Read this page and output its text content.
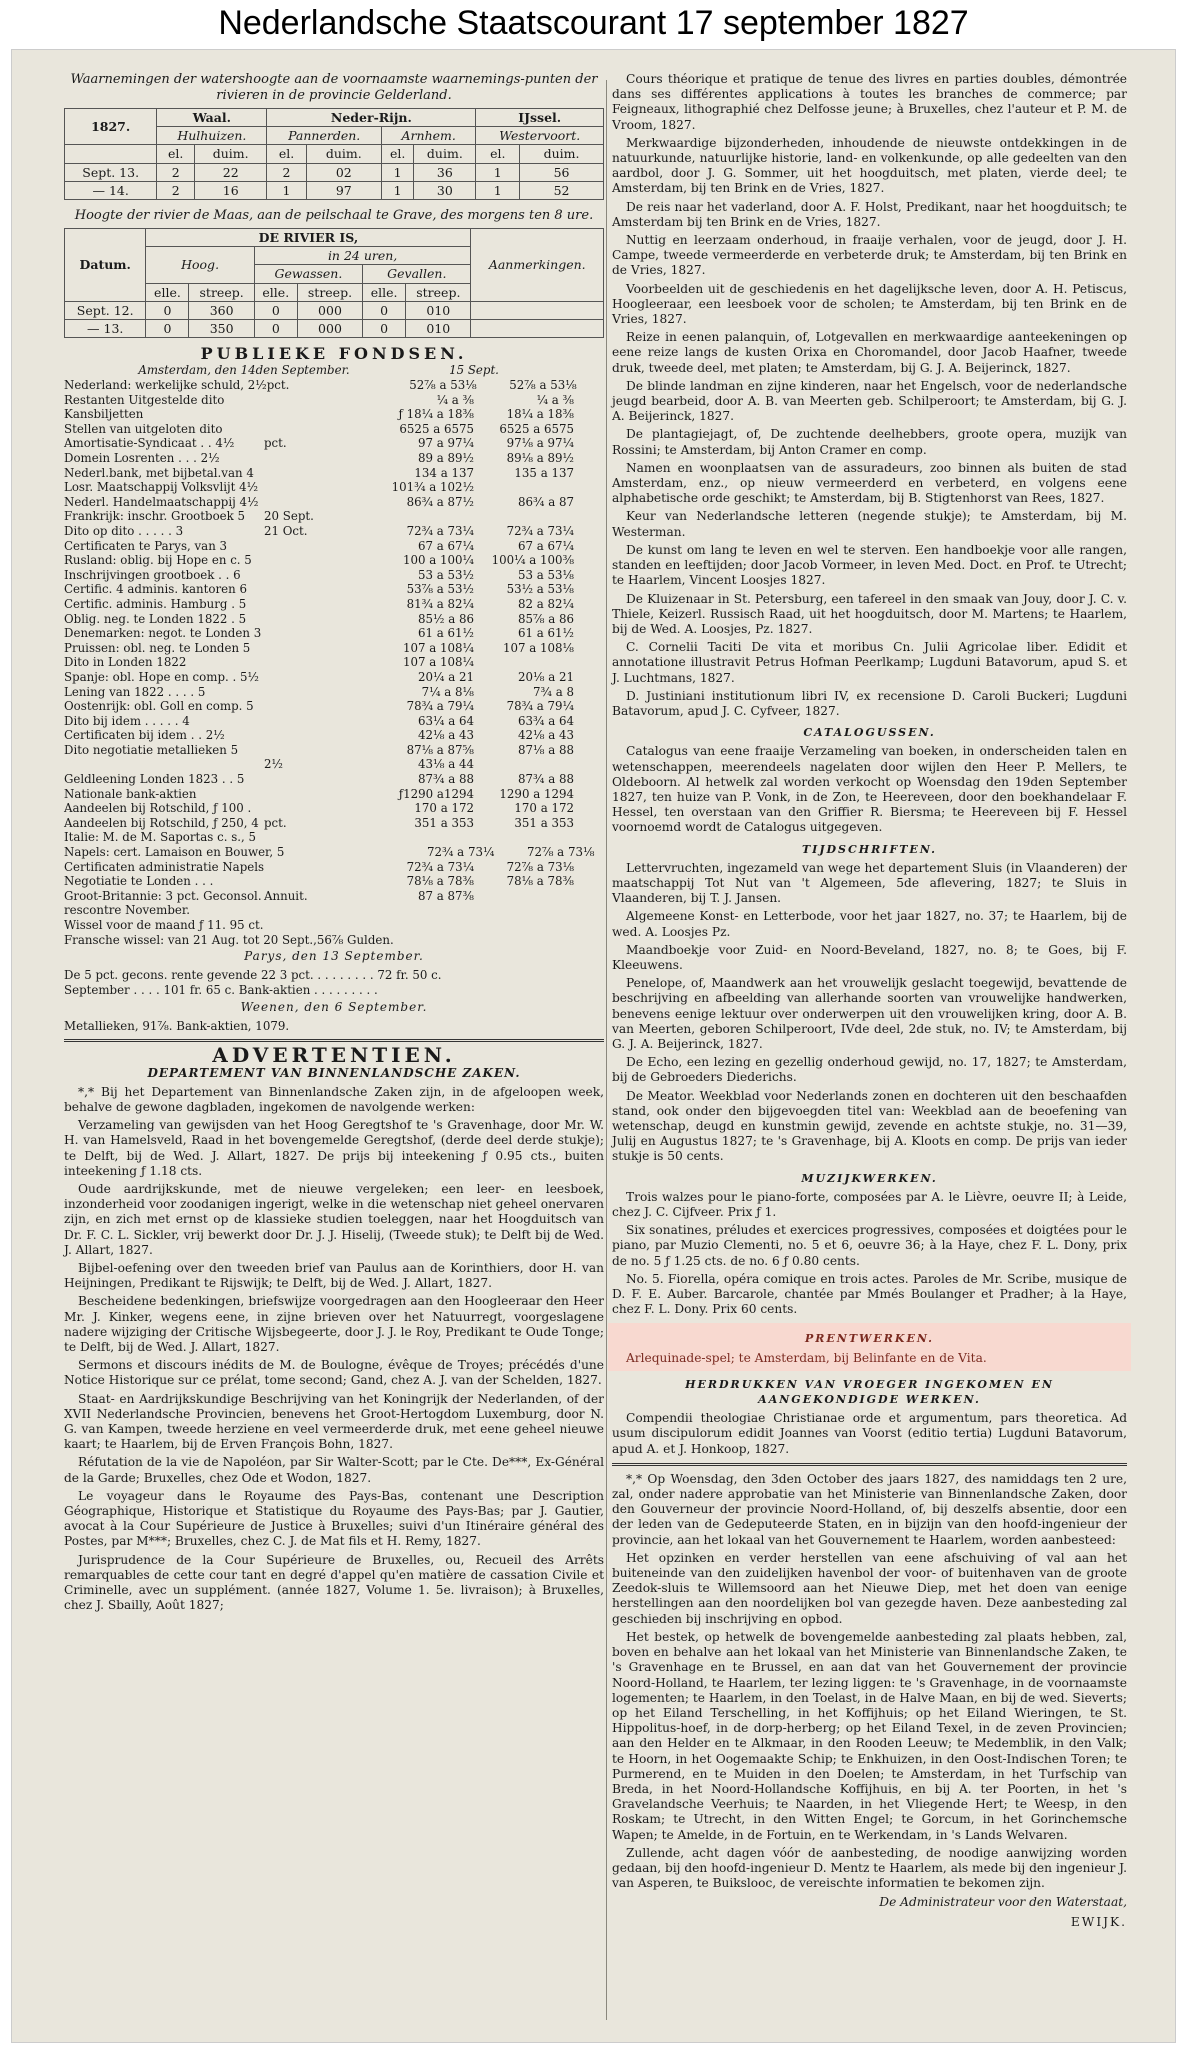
Nederlandsche Staatscourant 17 september 1827
Waarnemingen der watershoogte aan de voornaamste waarnemings-punten der rivieren in de provincie Gelderland.
1827.	Waal.		Neder-Rijn.				IJssel.	
	Hulhuizen.		Pannerden.		Arnhem.		Westervoort.	
	el.	duim.	el.	duim.	el.	duim.	el.	duim.
Sept. 13.	2	22	2	02	1	36	1	56
— 14.	2	16	1	97	1	30	1	52
Hoogte der rivier de Maas, aan de peilschaal te Grave, des morgens ten 8 ure.
Datum.	DE RIVIER IS,						Aanmerkingen.
	Hoog.		in 24 uren,				
			Gewassen.		Gevallen.		
	elle.	streep.	elle.	streep.	elle.	streep.	
Sept. 12.	0	360	0	000	0	010	
— 13.	0	350	0	000	0	010	
PUBLIEKE FONDSEN.
Amsterdam, den 14den September.	15 Sept.
Nederland: werkelijke schuld, 2½ pct.	52⅞ a 53⅛	52⅞ a 53⅛
Restanten Uitgestelde dito	¼ a ⅜	¼ a ⅜
Kansbiljetten	ƒ 18¼ a 18⅜	18¼ a 18⅜
Stellen van uitgeloten dito	6525 a 6575	6525 a 6575
Amortisatie-Syndicaat . . 4½	pct.	97 a 97¼	97⅛ a 97¼
Domein Losrenten . . . 2½	89 a 89½	89⅛ a 89½
Nederl.bank, met bijbetal.van 4	134 a 137	135 a 137
Losr. Maatschappij Volksvlijt 4½	101¾ a 102½
Nederl. Handelmaatschappij 4½	86¾ a 87½	86¾ a 87
Frankrijk: inschr. Grootboek 5	20 Sept.
Dito op dito . . . . . 3	21 Oct.	72¾ a 73¼	72¾ a 73¼
Certificaten te Parys, van 3	67 a 67¼	67 a 67¼
Rusland: oblig. bij Hope en c. 5	100 a 100¼	100¼ a 100⅜
Inschrijvingen grootboek . . 6	53 a 53½	53 a 53⅛
Certific. 4 adminis. kantoren 6	53⅞ a 53½	53½ a 53⅛
Certific. adminis. Hamburg . 5	81¾ a 82¼	82 a 82¼
Oblig. neg. te Londen 1822 . 5	85½ a 86	85⅞ a 86
Denemarken: negot. te Londen 3	61 a 61½	61 a 61½
Pruissen: obl. neg. te Londen 5	107 a 108¼	107 a 108⅛
Dito in Londen 1822	107 a 108¼
Spanje: obl. Hope en comp. . 5½	20¼ a 21	20⅛ a 21
Lening van 1822 . . . . 5	7¼ a 8⅛	7¾ a 8
Oostenrijk: obl. Goll en comp. 5	78¾ a 79¼	78¾ a 79¼
Dito bij idem . . . . . 4	63¼ a 64	63¾ a 64
Certificaten bij idem . . 2½	42⅛ a 43	42⅛ a 43
Dito negotiatie metallieken 5	87⅛ a 87⅝	87⅛ a 88
2½	43⅛ a 44
Geldleening Londen 1823 . . 5	87¾ a 88	87¾ a 88
Nationale bank-aktien	ƒ1290 a1294	1290 a 1294
Aandeelen bij Rotschild, ƒ 100 .	170 a 172	170 a 172
Aandeelen bij Rotschild, ƒ 250, 4 pct.	351 a 353	351 a 353
Italie: M. de M. Saportas c. s., 5
Napels: cert. Lamaison en Bouwer, 5	72¾ a 73¼	72⅞ a 73⅛
Certificaten administratie Napels	72¾ a 73¼	72⅞ a 73⅛
Negotiatie te Londen . . .	78⅛ a 78⅜	78⅛ a 78⅜
Groot-Britannie: 3 pct. Geconsol. Annuit.	87 a 87⅜
rescontre November.
Wissel voor de maand ƒ 11. 95 ct.
Fransche wissel: van 21 Aug. tot 20 Sept., 56⅞ Gulden.
Parys, den 13 September.
De 5 pct. gecons. rente gevende 22 3 pct. . . . . . . . . 72 fr. 50 c.
September . . . . 101 fr. 65 c. Bank-aktien . . . . . . . . .
Weenen, den 6 September.
Metallieken, 91⅞. Bank-aktien, 1079.
ADVERTENTIEN.
DEPARTEMENT VAN BINNENLANDSCHE ZAKEN.

*,* Bij het Departement van Binnenlandsche Zaken zijn, in de afgeloopen week, behalve de gewone dagbladen, ingekomen de navolgende werken:

Verzameling van gewijsden van het Hoog Geregtshof te 's Gravenhage, door Mr. W. H. van Hamelsveld, Raad in het bovengemelde Geregtshof, (derde deel derde stukje); te Delft, bij de Wed. J. Allart, 1827. De prijs bij inteekening ƒ 0.95 cts., buiten inteekening ƒ 1.18 cts.

Oude aardrijkskunde, met de nieuwe vergeleken; een leer- en leesboek, inzonderheid voor zoodanigen ingerigt, welke in die wetenschap niet geheel onervaren zijn, en zich met ernst op de klassieke studien toeleggen, naar het Hoogduitsch van Dr. F. C. L. Sickler, vrij bewerkt door Dr. J. J. Hiselij, (Tweede stuk); te Delft bij de Wed. J. Allart, 1827.

Bijbel-oefening over den tweeden brief van Paulus aan de Korinthiers, door H. van Heijningen, Predikant te Rijswijk; te Delft, bij de Wed. J. Allart, 1827.

Bescheidene bedenkingen, briefswijze voorgedragen aan den Hoogleeraar den Heer Mr. J. Kinker, wegens eene, in zijne brieven over het Natuurregt, voorgeslagene nadere wijziging der Critische Wijsbegeerte, door J. J. le Roy, Predikant te Oude Tonge; te Delft, bij de Wed. J. Allart, 1827.

Sermons et discours inédits de M. de Boulogne, évêque de Troyes; précédés d'une Notice Historique sur ce prélat, tome second; Gand, chez A. J. van der Schelden, 1827.

Staat- en Aardrijkskundige Beschrijving van het Koningrijk der Nederlanden, of der XVII Nederlandsche Provincien, benevens het Groot-Hertogdom Luxemburg, door N. G. van Kampen, tweede herziene en veel vermeerderde druk, met eene geheel nieuwe kaart; te Haarlem, bij de Erven François Bohn, 1827.

Réfutation de la vie de Napoléon, par Sir Walter-Scott; par le Cte. De***, Ex-Général de la Garde; Bruxelles, chez Ode et Wodon, 1827.

Le voyageur dans le Royaume des Pays-Bas, contenant une Description Géographique, Historique et Statistique du Royaume des Pays-Bas; par J. Gautier, avocat à la Cour Supérieure de Justice à Bruxelles; suivi d'un Itinéraire général des Postes, par M***; Bruxelles, chez C. J. de Mat fils et H. Remy, 1827.

Jurisprudence de la Cour Supérieure de Bruxelles, ou, Recueil des Arrêts remarquables de cette cour tant en degré d'appel qu'en matière de cassation Civile et Criminelle, avec un supplément. (année 1827, Volume 1. 5e. livraison); à Bruxelles, chez J. Sbailly, Août 1827;

Cours théorique et pratique de tenue des livres en parties doubles, démontrée dans ses différentes applications à toutes les branches de commerce; par Feigneaux, lithographié chez Delfosse jeune; à Bruxelles, chez l'auteur et P. M. de Vroom, 1827.

Merkwaardige bijzonderheden, inhoudende de nieuwste ontdekkingen in de natuurkunde, natuurlijke historie, land- en volkenkunde, op alle gedeelten van den aardbol, door J. G. Sommer, uit het hoogduitsch, met platen, vierde deel; te Amsterdam, bij ten Brink en de Vries, 1827.

De reis naar het vaderland, door A. F. Holst, Predikant, naar het hoogduitsch; te Amsterdam bij ten Brink en de Vries, 1827.

Nuttig en leerzaam onderhoud, in fraaije verhalen, voor de jeugd, door J. H. Campe, tweede vermeerderde en verbeterde druk; te Amsterdam, bij ten Brink en de Vries, 1827.

Voorbeelden uit de geschiedenis en het dagelijksche leven, door A. H. Petiscus, Hoogleeraar, een leesboek voor de scholen; te Amsterdam, bij ten Brink en de Vries, 1827.

Reize in eenen palanquin, of, Lotgevallen en merkwaardige aanteekeningen op eene reize langs de kusten Orixa en Choromandel, door Jacob Haafner, tweede druk, tweede deel, met platen; te Amsterdam, bij G. J. A. Beijerinck, 1827.

De blinde landman en zijne kinderen, naar het Engelsch, voor de nederlandsche jeugd bearbeid, door A. B. van Meerten geb. Schilperoort; te Amsterdam, bij G. J. A. Beijerinck, 1827.

De plantagiejagt, of, De zuchtende deelhebbers, groote opera, muzijk van Rossini; te Amsterdam, bij Anton Cramer en comp.

Namen en woonplaatsen van de assuradeurs, zoo binnen als buiten de stad Amsterdam, enz., op nieuw vermeerderd en verbeterd, en volgens eene alphabetische orde geschikt; te Amsterdam, bij B. Stigtenhorst van Rees, 1827.

Keur van Nederlandsche letteren (negende stukje); te Amsterdam, bij M. Westerman.

De kunst om lang te leven en wel te sterven. Een handboekje voor alle rangen, standen en leeftijden; door Jacob Vormeer, in leven Med. Doct. en Prof. te Utrecht; te Haarlem, Vincent Loosjes 1827.

De Kluizenaar in St. Petersburg, een tafereel in den smaak van Jouy, door J. C. v. Thiele, Keizerl. Russisch Raad, uit het hoogduitsch, door M. Martens; te Haarlem, bij de Wed. A. Loosjes, Pz. 1827.

C. Cornelii Taciti De vita et moribus Cn. Julii Agricolae liber. Edidit et annotatione illustravit Petrus Hofman Peerlkamp; Lugduni Batavorum, apud S. et J. Luchtmans, 1827.

D. Justiniani institutionum libri IV, ex recensione D. Caroli Buckeri; Lugduni Batavorum, apud J. C. Cyfveer, 1827.

CATALOGUSSEN.

Catalogus van eene fraaije Verzameling van boeken, in onderscheiden talen en wetenschappen, meerendeels nagelaten door wijlen den Heer P. Mellers, te Oldeboorn. Al hetwelk zal worden verkocht op Woensdag den 19den September 1827, ten huize van P. Vonk, in de Zon, te Heereveen, door den boekhandelaar F. Hessel, ten overstaan van den Griffier R. Biersma; te Heereveen bij F. Hessel voornoemd wordt de Catalogus uitgegeven.

TIJDSCHRIFTEN.

Lettervruchten, ingezameld van wege het departement Sluis (in Vlaanderen) der maatschappij Tot Nut van 't Algemeen, 5de aflevering, 1827; te Sluis in Vlaanderen, bij T. J. Jansen.

Algemeene Konst- en Letterbode, voor het jaar 1827, no. 37; te Haarlem, bij de wed. A. Loosjes Pz.

Maandboekje voor Zuid- en Noord-Beveland, 1827, no. 8; te Goes, bij F. Kleeuwens.

Penelope, of, Maandwerk aan het vrouwelijk geslacht toegewijd, bevattende de beschrijving en afbeelding van allerhande soorten van vrouwelijke handwerken, benevens eenige lektuur over onderwerpen uit den vrouwelijken kring, door A. B. van Meerten, geboren Schilperoort, IVde deel, 2de stuk, no. IV; te Amsterdam, bij G. J. A. Beijerinck, 1827.

De Echo, een lezing en gezellig onderhoud gewijd, no. 17, 1827; te Amsterdam, bij de Gebroeders Diederichs.

De Meator. Weekblad voor Nederlands zonen en dochteren uit den beschaafden stand, ook onder den bijgevoegden titel van: Weekblad aan de beoefening van wetenschap, deugd en kunstmin gewijd, zevende en achtste stukje, no. 31—39, Julij en Augustus 1827; te 's Gravenhage, bij A. Kloots en comp. De prijs van ieder stukje is 50 cents.

MUZIJKWERKEN.

Trois walzes pour le piano-forte, composées par A. le Lièvre, oeuvre II; à Leide, chez J. C. Cijfveer. Prix ƒ 1.

Six sonatines, préludes et exercices progressives, composées et doigtées pour le piano, par Muzio Clementi, no. 5 et 6, oeuvre 36; à la Haye, chez F. L. Dony, prix de no. 5 ƒ 1.25 cts. de no. 6 ƒ 0.80 cents.

No. 5. Fiorella, opéra comique en trois actes. Paroles de Mr. Scribe, musique de D. F. E. Auber. Barcarole, chantée par Mmés Boulanger et Pradher; à la Haye, chez F. L. Dony. Prix 60 cents.

PRENTWERKEN.

Arlequinade-spel; te Amsterdam, bij Belinfante en de Vita.

HERDRUKKEN VAN VROEGER INGEKOMEN EN AANGEKONDIGDE WERKEN.

Compendii theologiae Christianae orde et argumentum, pars theoretica. Ad usum discipulorum edidit Joannes van Voorst (editio tertia) Lugduni Batavorum, apud A. et J. Honkoop, 1827.

*,* Op Woensdag, den 3den October des jaars 1827, des namiddags ten 2 ure, zal, onder nadere approbatie van het Ministerie van Binnenlandsche Zaken, door den Gouverneur der provincie Noord-Holland, of, bij deszelfs absentie, door een der leden van de Gedeputeerde Staten, en in bijzijn van den hoofd-ingenieur der provincie, aan het lokaal van het Gouvernement te Haarlem, worden aanbesteed:

Het opzinken en verder herstellen van eene afschuiving of val aan het buiteneinde van den zuidelijken havenbol der voor- of buitenhaven van de groote Zeedok-sluis te Willemsoord aan het Nieuwe Diep, met het doen van eenige herstellingen aan den noordelijken bol van gezegde haven. Deze aanbesteding zal geschieden bij inschrijving en opbod.

Het bestek, op hetwelk de bovengemelde aanbesteding zal plaats hebben, zal, boven en behalve aan het lokaal van het Ministerie van Binnenlandsche Zaken, te 's Gravenhage en te Brussel, en aan dat van het Gouvernement der provincie Noord-Holland, te Haarlem, ter lezing liggen: te 's Gravenhage, in de voornaamste logementen; te Haarlem, in den Toelast, in de Halve Maan, en bij de wed. Sieverts; op het Eiland Terschelling, in het Koffijhuis; op het Eiland Wieringen, te St. Hippolitus-hoef, in de dorp-herberg; op het Eiland Texel, in de zeven Provincien; aan den Helder en te Alkmaar, in den Rooden Leeuw; te Medemblik, in den Valk; te Hoorn, in het Oogemaakte Schip; te Enkhuizen, in den Oost-Indischen Toren; te Purmerend, en te Muiden in den Doelen; te Amsterdam, in het Turfschip van Breda, in het Noord-Hollandsche Koffijhuis, en bij A. ter Poorten, in het 's Gravelandsche Veerhuis; te Naarden, in het Vliegende Hert; te Weesp, in den Roskam; te Utrecht, in den Witten Engel; te Gorcum, in het Gorinchemsche Wapen; te Amelde, in de Fortuin, en te Werkendam, in 's Lands Welvaren.

Zullende, acht dagen vóór de aanbesteding, de noodige aanwijzing worden gedaan, bij den hoofd-ingenieur D. Mentz te Haarlem, als mede bij den ingenieur J. van Asperen, te Buikslooc, de vereischte informatien te bekomen zijn.

De Administrateur voor den Waterstaat,
EWIJK.
